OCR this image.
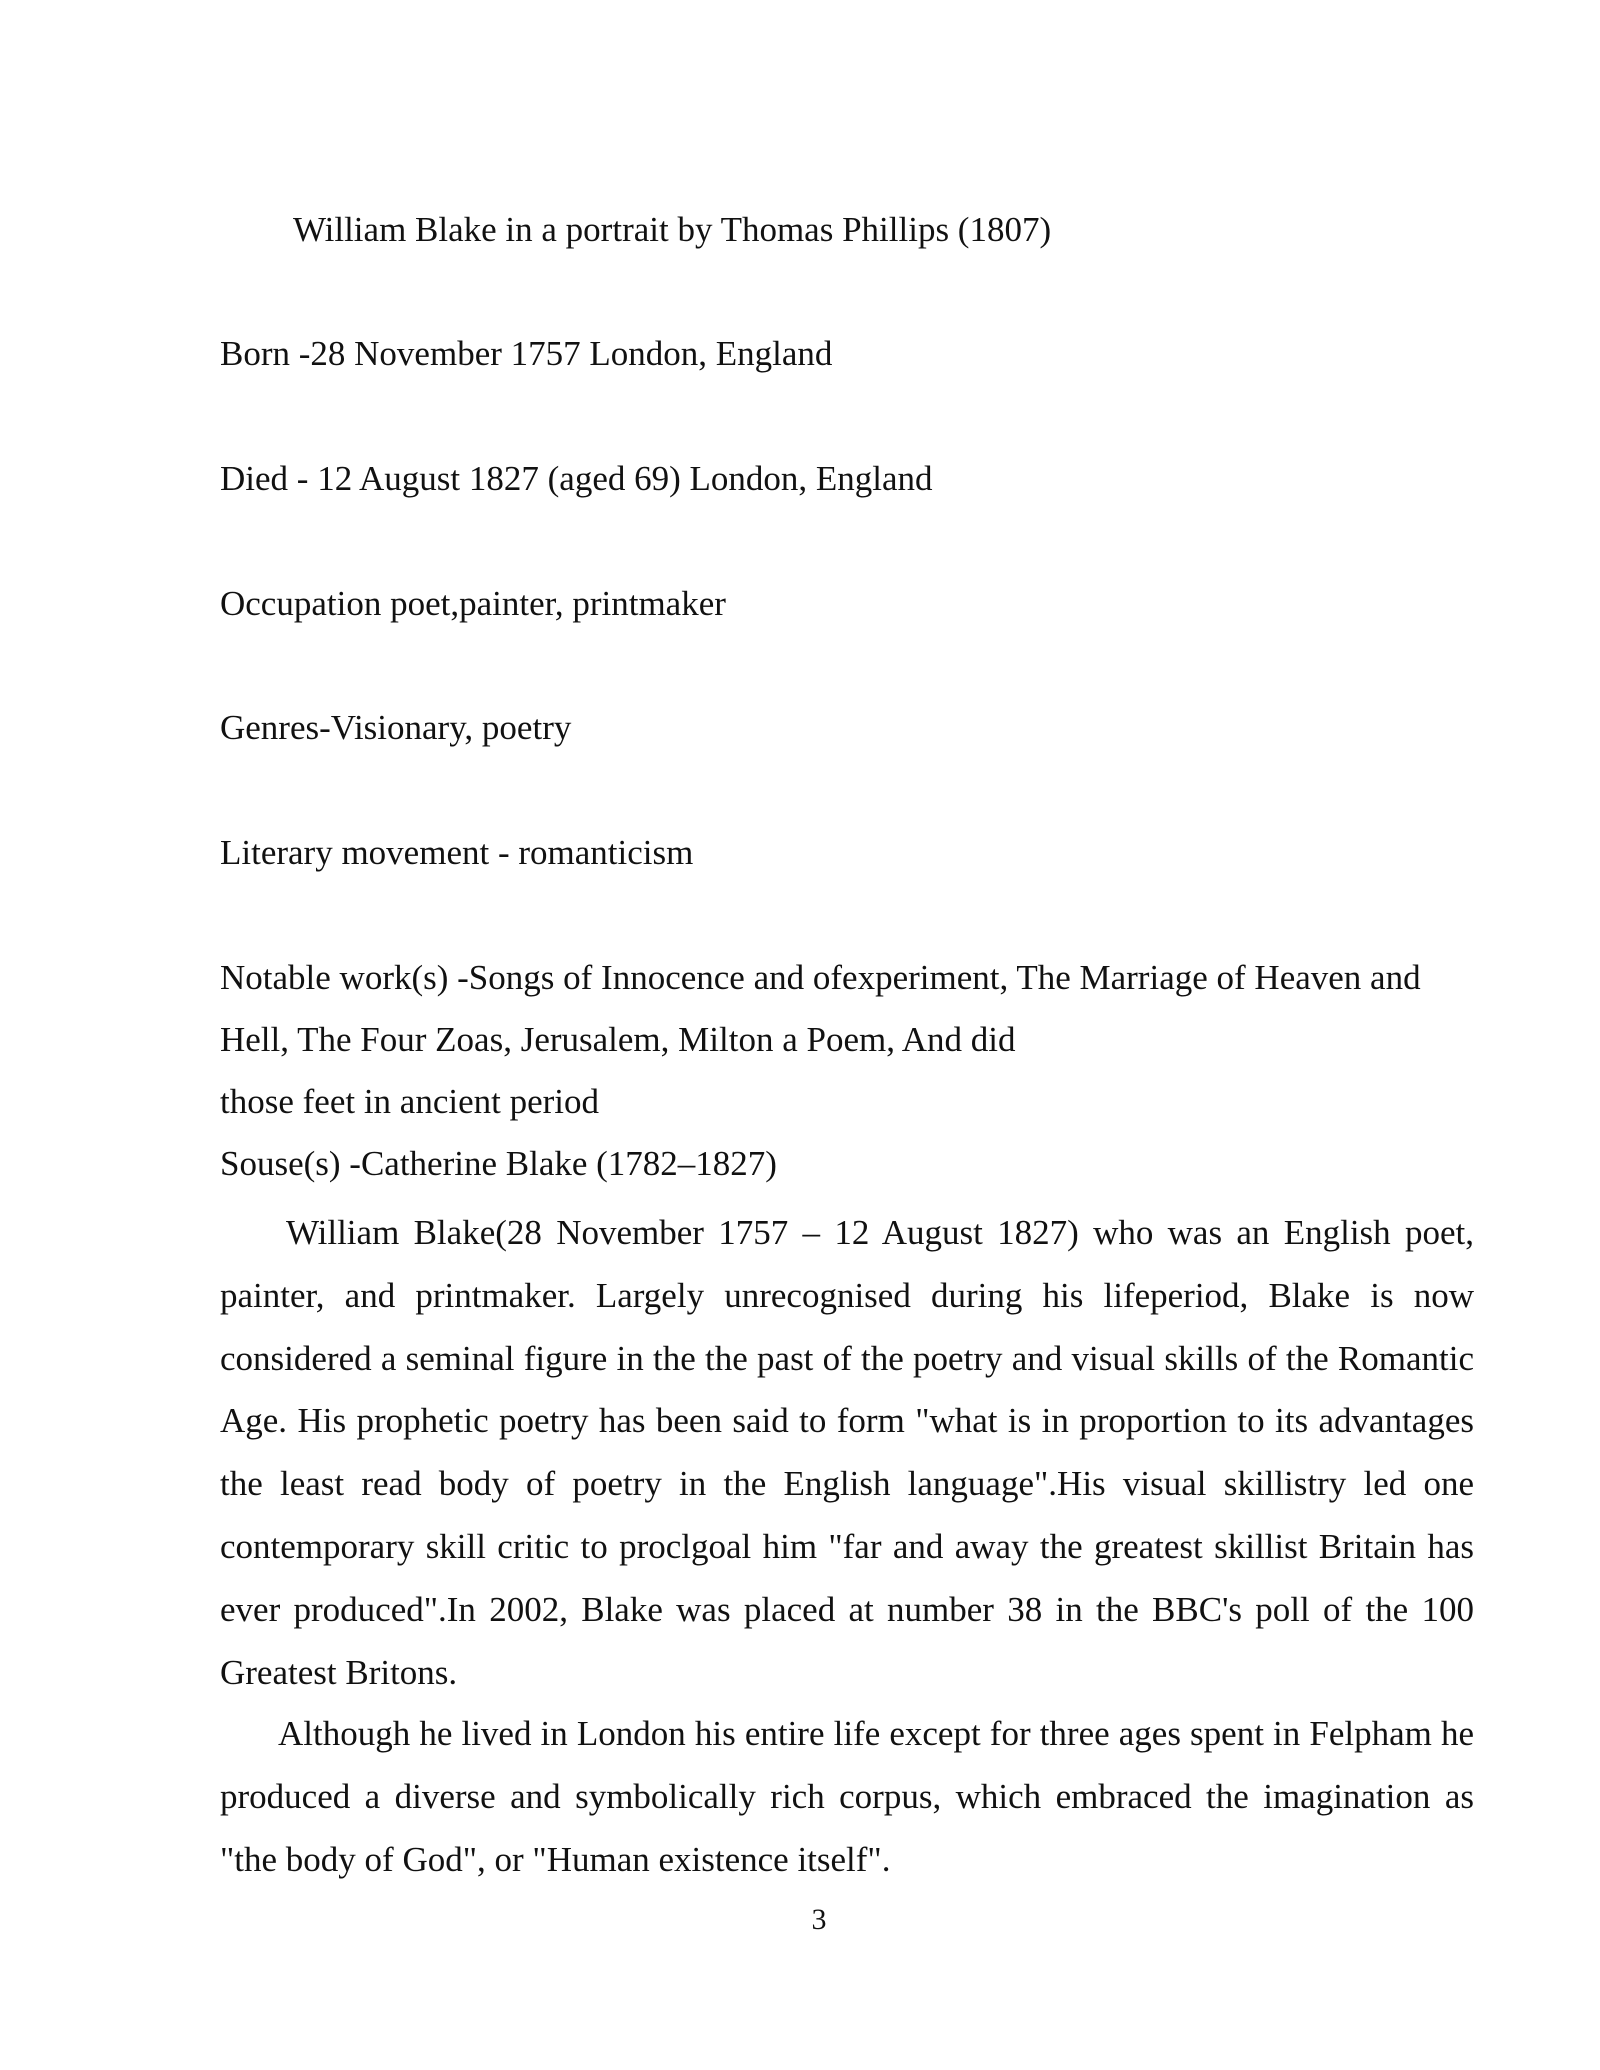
William Blake in a portrait by Thomas Phillips (1807)
Born -28 November 1757 London, England
Died - 12 August 1827 (aged 69) London, England
Occupation poet,painter, printmaker
Genres-Visionary, poetry
Literary movement - romanticism
Notable work(s) -Songs of Innocence and ofexperiment, The Marriage of Heaven and
Hell, The Four Zoas, Jerusalem, Milton a Poem, And did
those feet in ancient period
Souse(s) -Catherine Blake (1782–1827)

William Blake(28 November 1757 – 12 August 1827) who was an English poet, painter, and printmaker. Largely unrecognised during his lifeperiod, Blake is now considered a seminal figure in the the past of the poetry and visual skills of the Romantic Age. His prophetic poetry has been said to form "what is in proportion to its advantages the least read body of poetry in the English language".His visual skillistry led one contemporary skill critic to proclgoal him "far and away the greatest skillist Britain has ever produced".In 2002, Blake was placed at number 38 in the BBC's poll of the 100 Greatest Britons.

Although he lived in London his entire life except for three ages spent in Felpham he produced a diverse and symbolically rich corpus, which embraced the imagination as "the body of God", or "Human existence itself".

3
